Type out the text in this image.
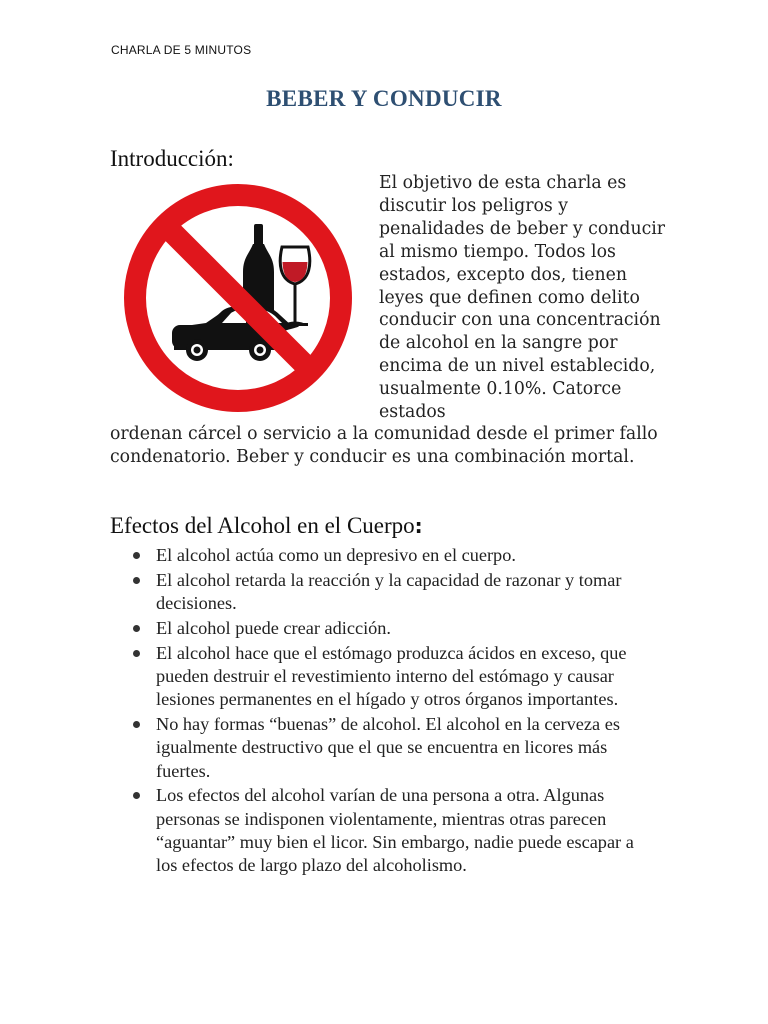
CHARLA DE 5 MINUTOS
BEBER Y CONDUCIR
Introducción:
El objetivo de esta charla es discutir los peligros y penalidades de beber y conducir al mismo tiempo. Todos los estados, excepto dos, tienen leyes que definen como delito conducir con una concentración de alcohol en la sangre por encima de un nivel establecido, usualmente 0.10%. Catorce estados
ordenan cárcel o servicio a la comunidad desde el primer fallo condenatorio. Beber y conducir es una combinación mortal.
Efectos del Alcohol en el Cuerpo:
El alcohol actúa como un depresivo en el cuerpo.
El alcohol retarda la reacción y la capacidad de razonar y tomar decisiones.
El alcohol puede crear adicción.
El alcohol hace que el estómago produzca ácidos en exceso, que pueden destruir el revestimiento interno del estómago y causar lesiones permanentes en el hígado y otros órganos importantes.
No hay formas “buenas” de alcohol. El alcohol en la cerveza es igualmente destructivo que el que se encuentra en licores más fuertes.
Los efectos del alcohol varían de una persona a otra. Algunas personas se indisponen violentamente, mientras otras parecen “aguantar” muy bien el licor. Sin embargo, nadie puede escapar a los efectos de largo plazo del alcoholismo.
